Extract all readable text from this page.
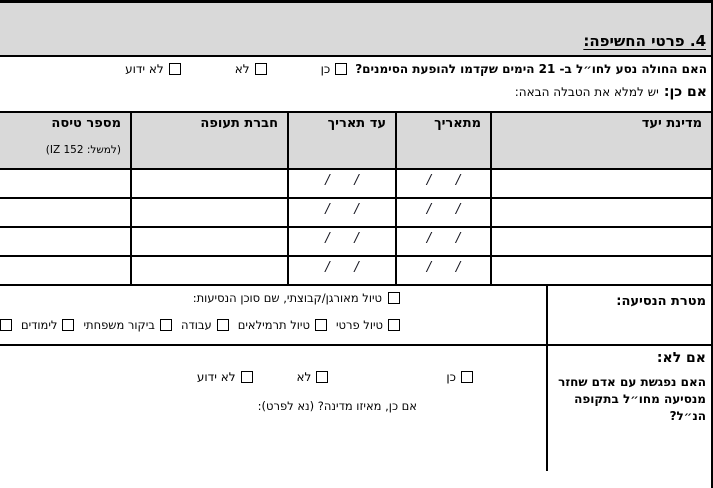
4. פרטי החשיפה:
האם החולה נסע לחו״ל ב- 21 הימים שקדמו להופעת הסימנים?
כן
לא
לא ידוע
אם כן:יש למלא את הטבלה הבאה:
מדינת יעד	מתאריך	עד תאריך	חברת תעופה	מספר טיסה
(למשל: IZ 152)

	/      /	/      /		
	/      /	/      /		
	/      /	/      /		
	/      /	/      /		
מטרת הנסיעה:
טיול מאורגן/קבוצתי, שם סוכן הנסיעות:
טיול פרטי
טיול תרמילאים
עבודה
ביקור משפחתי
לימודים
אם לא:
האם נפגשת עם אדם שחזר מנסיעה מחו״ל בתקופה הנ״ל?
כן
לא
לא ידוע
אם כן, מאיזו מדינה? (נא לפרט):
